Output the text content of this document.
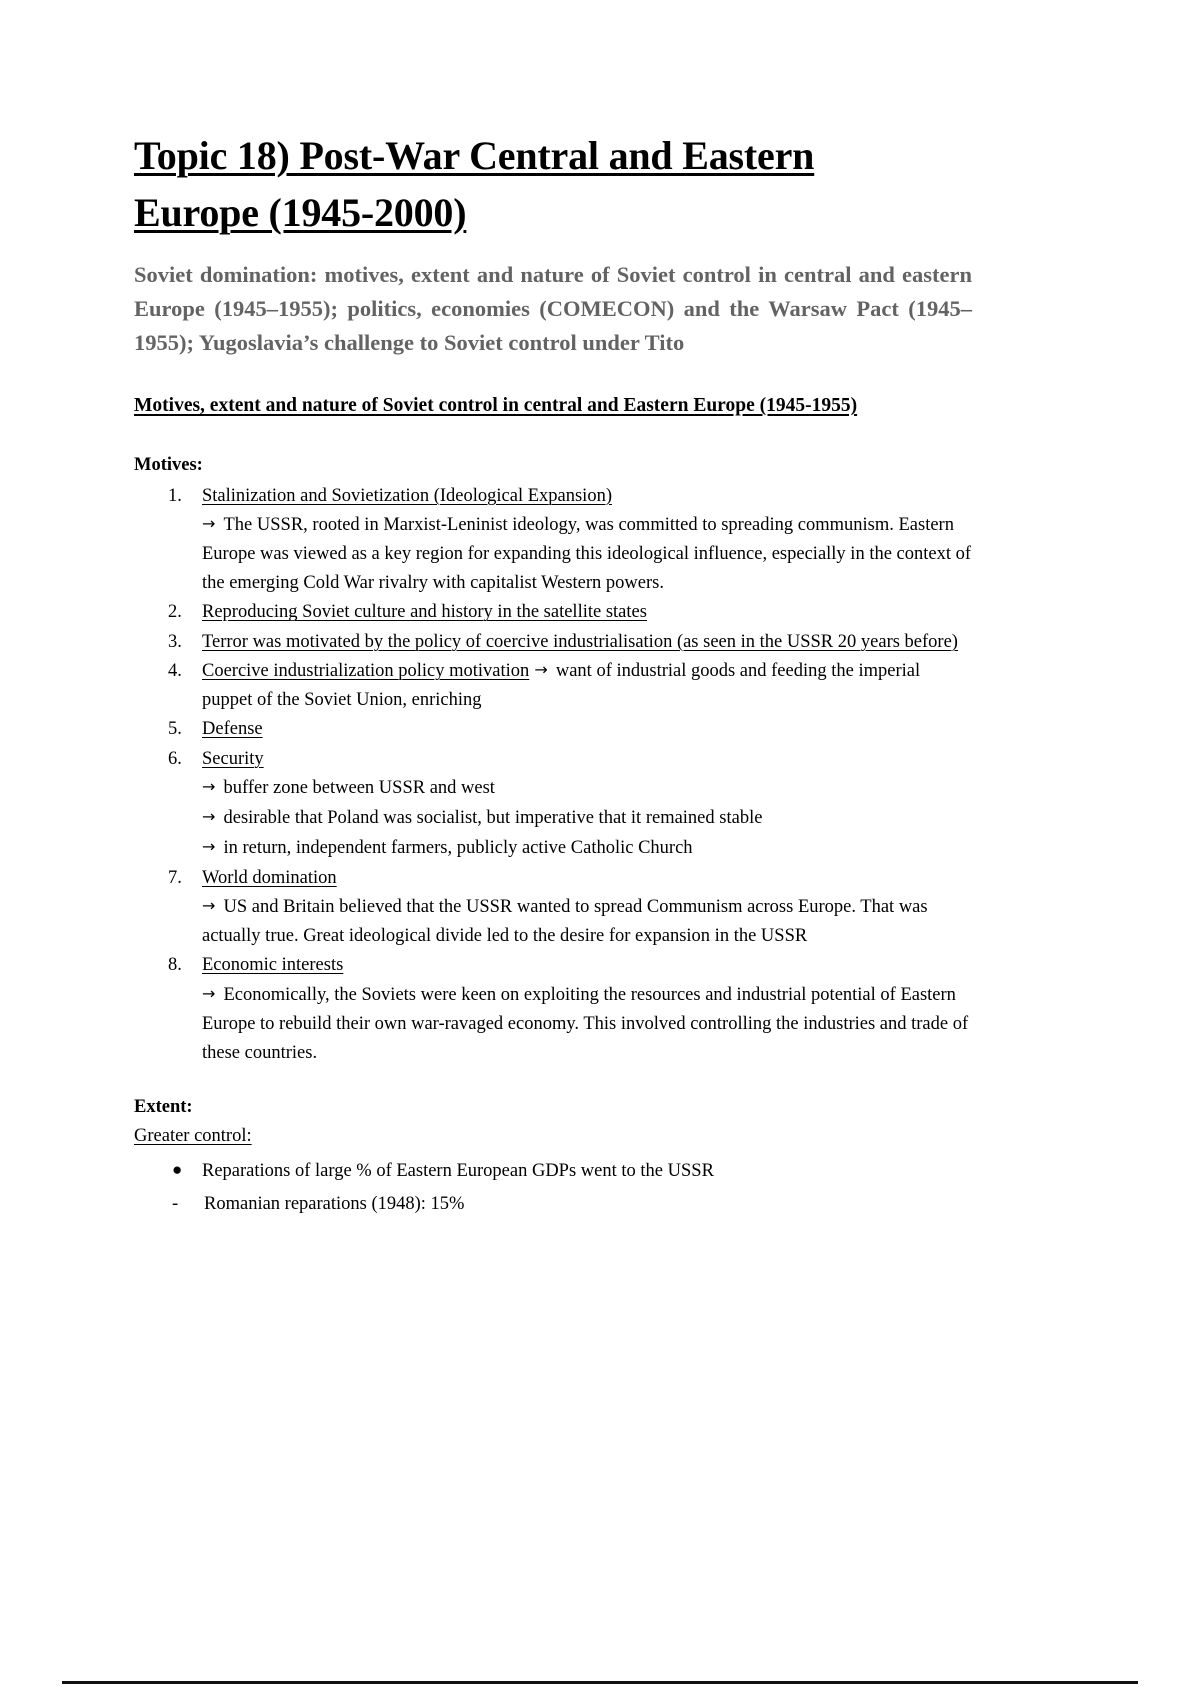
Topic 18) Post-War Central and Eastern
Europe (1945-2000)

Soviet domination: motives, extent and nature of Soviet control in central and eastern Europe (1945–1955); politics, economies (COMECON) and the Warsaw Pact (1945–1955); Yugoslavia’s challenge to Soviet control under Tito

Motives, extent and nature of Soviet control in central and Eastern Europe (1945-1955)

Motives:

1.	Stalinization and Sovietization (Ideological Expansion)
→ The USSR, rooted in Marxist-Leninist ideology, was committed to spreading communism. Eastern Europe was viewed as a key region for expanding this ideological influence, especially in the context of the emerging Cold War rivalry with capitalist Western powers.
2.	Reproducing Soviet culture and history in the satellite states
3.	Terror was motivated by the policy of coercive industrialisation (as seen in the USSR 20 years before)
4.	Coercive industrialization policy motivation → want of industrial goods and feeding the imperial puppet of the Soviet Union, enriching
5.	Defense
6.	Security
→ buffer zone between USSR and west
→ desirable that Poland was socialist, but imperative that it remained stable
→ in return, independent farmers, publicly active Catholic Church
7.	World domination
→ US and Britain believed that the USSR wanted to spread Communism across Europe. That was actually true. Great ideological divide led to the desire for expansion in the USSR
8.	Economic interests
→ Economically, the Soviets were keen on exploiting the resources and industrial potential of Eastern Europe to rebuild their own war-ravaged economy. This involved controlling the industries and trade of these countries.

Extent:

Greater control:

● Reparations of large % of Eastern European GDPs went to the USSR
- Romanian reparations (1948): 15%
